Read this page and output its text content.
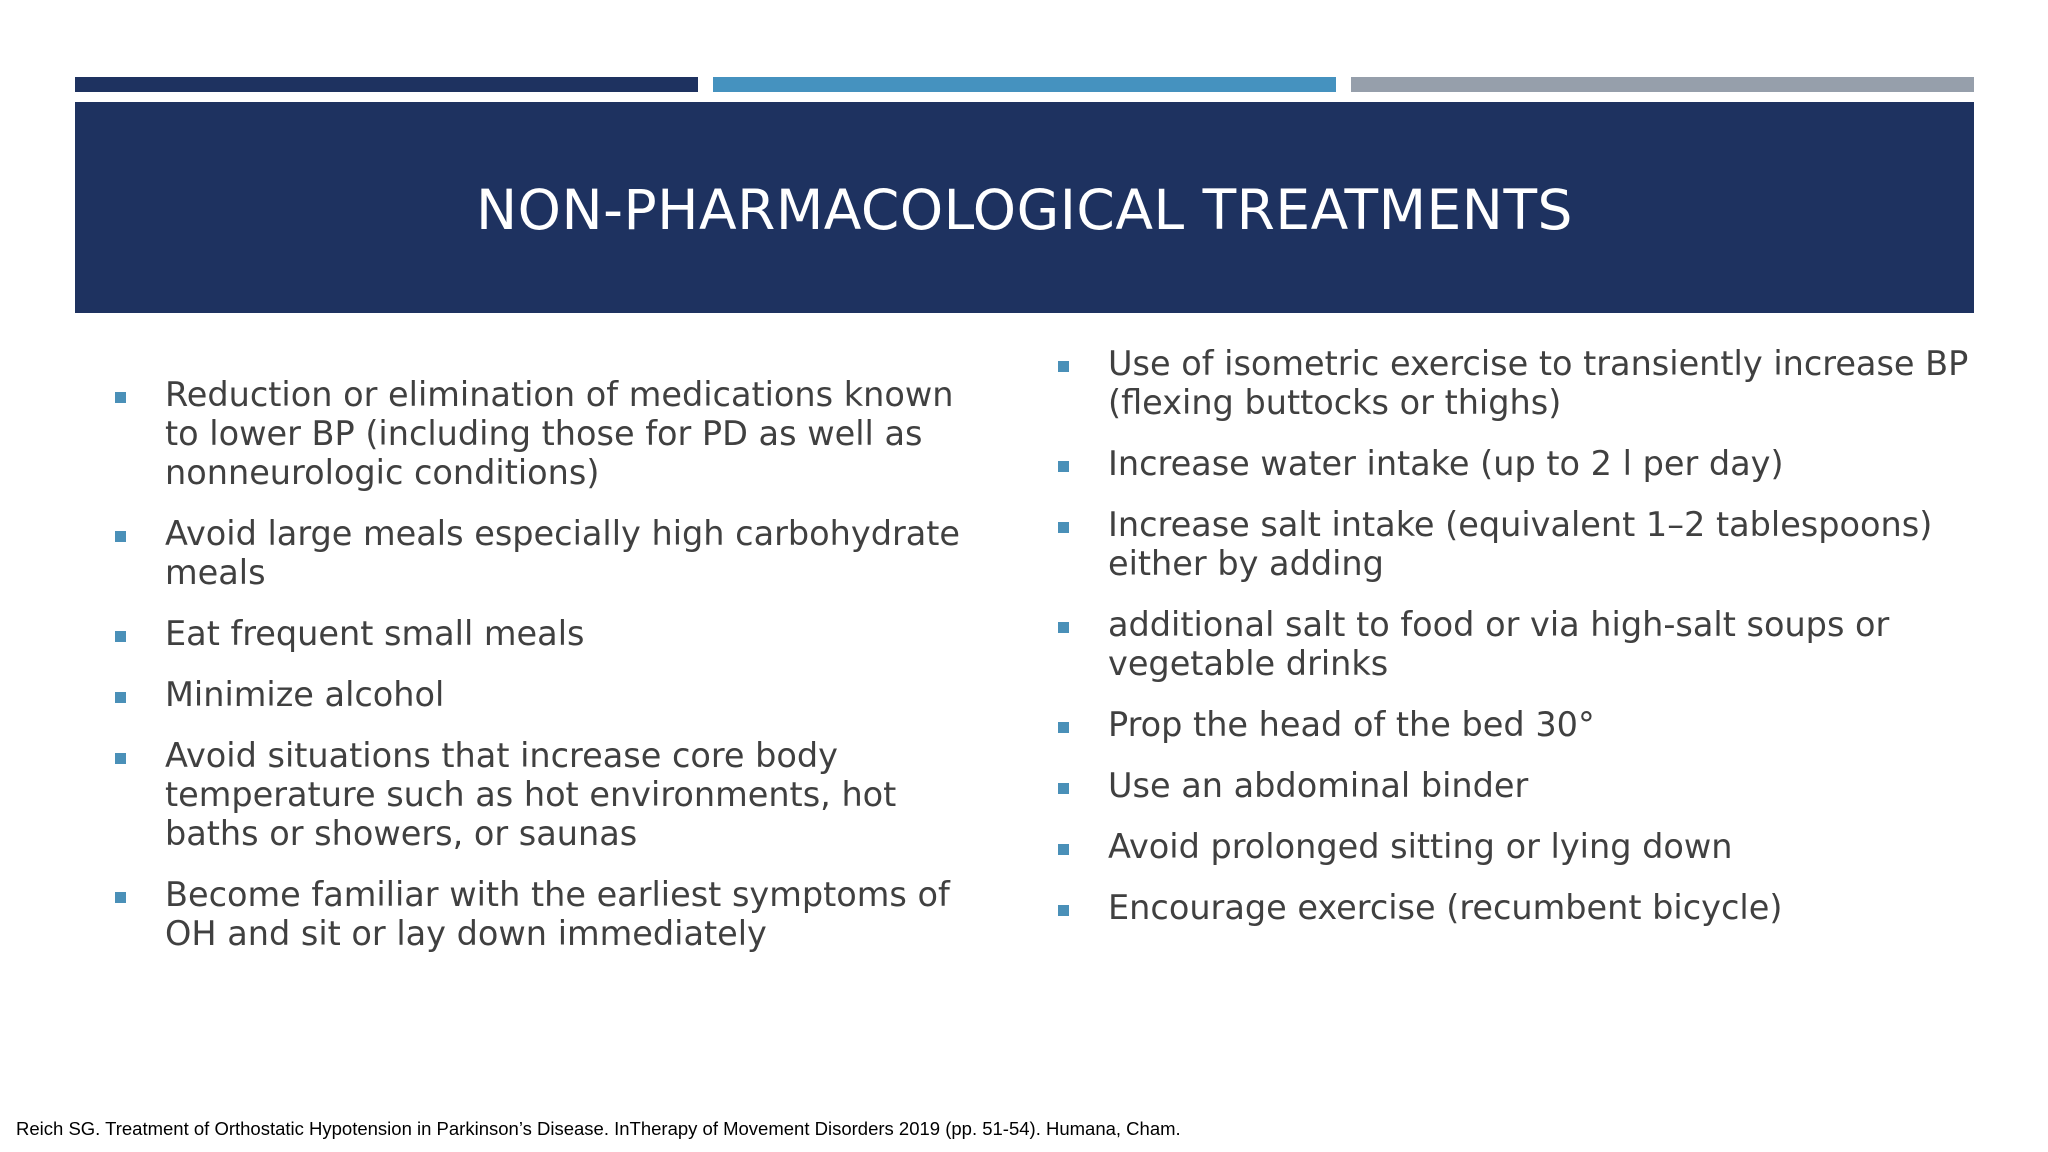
NON-PHARMACOLOGICAL TREATMENTS
Reduction or elimination of medications known to lower BP (including those for PD as well as nonneurologic conditions)
Avoid large meals especially high carbohydrate meals
Eat frequent small meals
Minimize alcohol
Avoid situations that increase core body temperature such as hot environments, hot baths or showers, or saunas
Become familiar with the earliest symptoms of OH and sit or lay down immediately
Use of isometric exercise to transiently increase BP (flexing buttocks or thighs)
Increase water intake (up to 2 l per day)
Increase salt intake (equivalent 1–2 tablespoons) either by adding
additional salt to food or via high-salt soups or vegetable drinks
Prop the head of the bed 30°
Use an abdominal binder
Avoid prolonged sitting or lying down
Encourage exercise (recumbent bicycle)
Reich SG. Treatment of Orthostatic Hypotension in Parkinson’s Disease. InTherapy of Movement Disorders 2019 (pp. 51-54). Humana, Cham.
